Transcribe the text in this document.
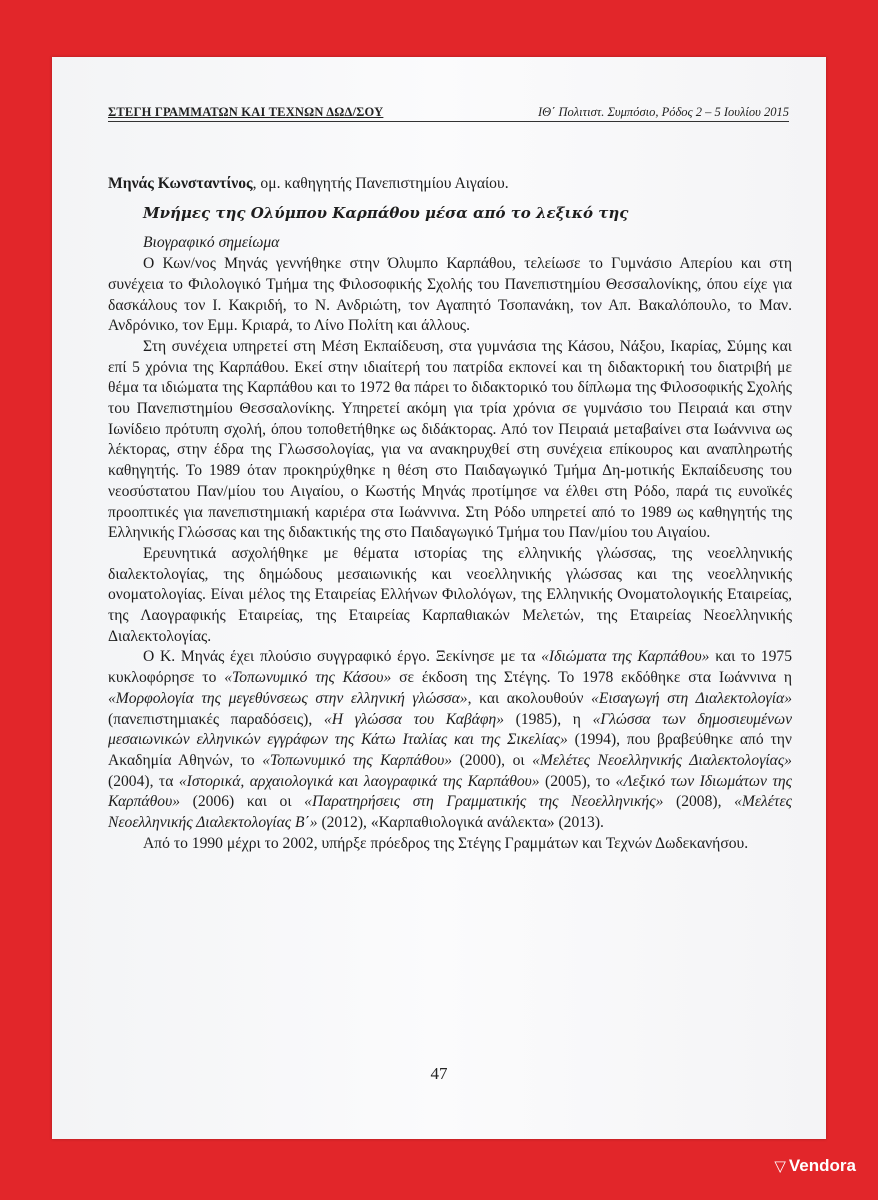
ΣΤΕΓΗ ΓΡΑΜΜΑΤΩΝ ΚΑΙ ΤΕΧΝΩΝ ΔΩΔ/ΣΟΥ	ΙΘ΄ Πολιτιστ. Συμπόσιο, Ρόδος 2 – 5 Ιουλίου 2015

Μηνάς Κωνσταντίνος, ομ. καθηγητής Πανεπιστημίου Αιγαίου.

Μνήμες της Ολύμπου Καρπάθου μέσα από το λεξικό της

Βιογραφικό σημείωμα

Ο Κων/νος Μηνάς γεννήθηκε στην Όλυμπο Καρπάθου, τελείωσε το Γυμνάσιο Απερίου και στη συνέχεια το Φιλολογικό Τμήμα της Φιλοσοφικής Σχολής του Πανεπιστημίου Θεσσαλονίκης, όπου είχε για δασκάλους τον Ι. Κακριδή, το Ν. Ανδριώτη, τον Αγαπητό Τσοπανάκη, τον Απ. Βακαλόπουλο, το Μαν. Ανδρόνικο, τον Εμμ. Κριαρά, το Λίνο Πολίτη και άλλους.

Στη συνέχεια υπηρετεί στη Μέση Εκπαίδευση, στα γυμνάσια της Κάσου, Νάξου, Ικαρίας, Σύμης και επί 5 χρόνια της Καρπάθου. Εκεί στην ιδιαίτερή του πατρίδα εκπονεί και τη διδακτορική του διατριβή με θέμα τα ιδιώματα της Καρπάθου και το 1972 θα πάρει το διδακτορικό του δίπλωμα της Φιλοσοφικής Σχολής του Πανεπιστημίου Θεσσαλονίκης. Υπηρετεί ακόμη για τρία χρόνια σε γυμνάσιο του Πειραιά και στην Ιωνίδειο πρότυπη σχολή, όπου τοποθετήθηκε ως διδάκτορας. Από τον Πειραιά μεταβαίνει στα Ιωάννινα ως λέκτορας, στην έδρα της Γλωσσολογίας, για να ανακηρυχθεί στη συνέχεια επίκουρος και αναπληρωτής καθηγητής. Το 1989 όταν προκηρύχθηκε η θέση στο Παιδαγωγικό Τμήμα Δη-μοτικής Εκπαίδευσης του νεοσύστατου Παν/μίου του Αιγαίου, ο Κωστής Μηνάς προτίμησε να έλθει στη Ρόδο, παρά τις ευνοϊκές προοπτικές για πανεπιστημιακή καριέρα στα Ιωάννινα. Στη Ρόδο υπηρετεί από το 1989 ως καθηγητής της Ελληνικής Γλώσσας και της διδακτικής της στο Παιδαγωγικό Τμήμα του Παν/μίου του Αιγαίου.

Ερευνητικά ασχολήθηκε με θέματα ιστορίας της ελληνικής γλώσσας, της νεοελληνικής διαλεκτολογίας, της δημώδους μεσαιωνικής και νεοελληνικής γλώσσας και της νεοελληνικής ονοματολογίας. Είναι μέλος της Εταιρείας Ελλήνων Φιλολόγων, της Ελληνικής Ονοματολογικής Εταιρείας, της Λαογραφικής Εταιρείας, της Εταιρείας Καρπαθιακών Μελετών, της Εταιρείας Νεοελληνικής Διαλεκτολογίας.

Ο Κ. Μηνάς έχει πλούσιο συγγραφικό έργο. Ξεκίνησε με τα «Ιδιώματα της Καρπάθου» και το 1975 κυκλοφόρησε το «Τοπωνυμικό της Κάσου» σε έκδοση της Στέγης. Το 1978 εκδόθηκε στα Ιωάννινα η «Μορφολογία της μεγεθύνσεως στην ελληνική γλώσσα», και ακολουθούν «Εισαγωγή στη Διαλεκτολογία» (πανεπιστημιακές παραδόσεις), «Η γλώσσα του Καβάφη» (1985), η «Γλώσσα των δημοσιευμένων μεσαιωνικών ελληνικών εγγράφων της Κάτω Ιταλίας και της Σικελίας» (1994), που βραβεύθηκε από την Ακαδημία Αθηνών, το «Τοπωνυμικό της Καρπάθου» (2000), οι «Μελέτες Νεοελληνικής Διαλεκτολογίας» (2004), τα «Ιστορικά, αρχαιολογικά και λαογραφικά της Καρπάθου» (2005), το «Λεξικό των Ιδιωμάτων της Καρπάθου» (2006) και οι «Παρατηρήσεις στη Γραμματικής της Νεοελληνικής» (2008), «Μελέτες Νεοελληνικής Διαλεκτολογίας Β΄» (2012), «Καρπαθιολογικά ανάλεκτα» (2013).

Από το 1990 μέχρι το 2002, υπήρξε πρόεδρος της Στέγης Γραμμάτων και Τεχνών Δωδεκανήσου.

47
▽ Vendora
